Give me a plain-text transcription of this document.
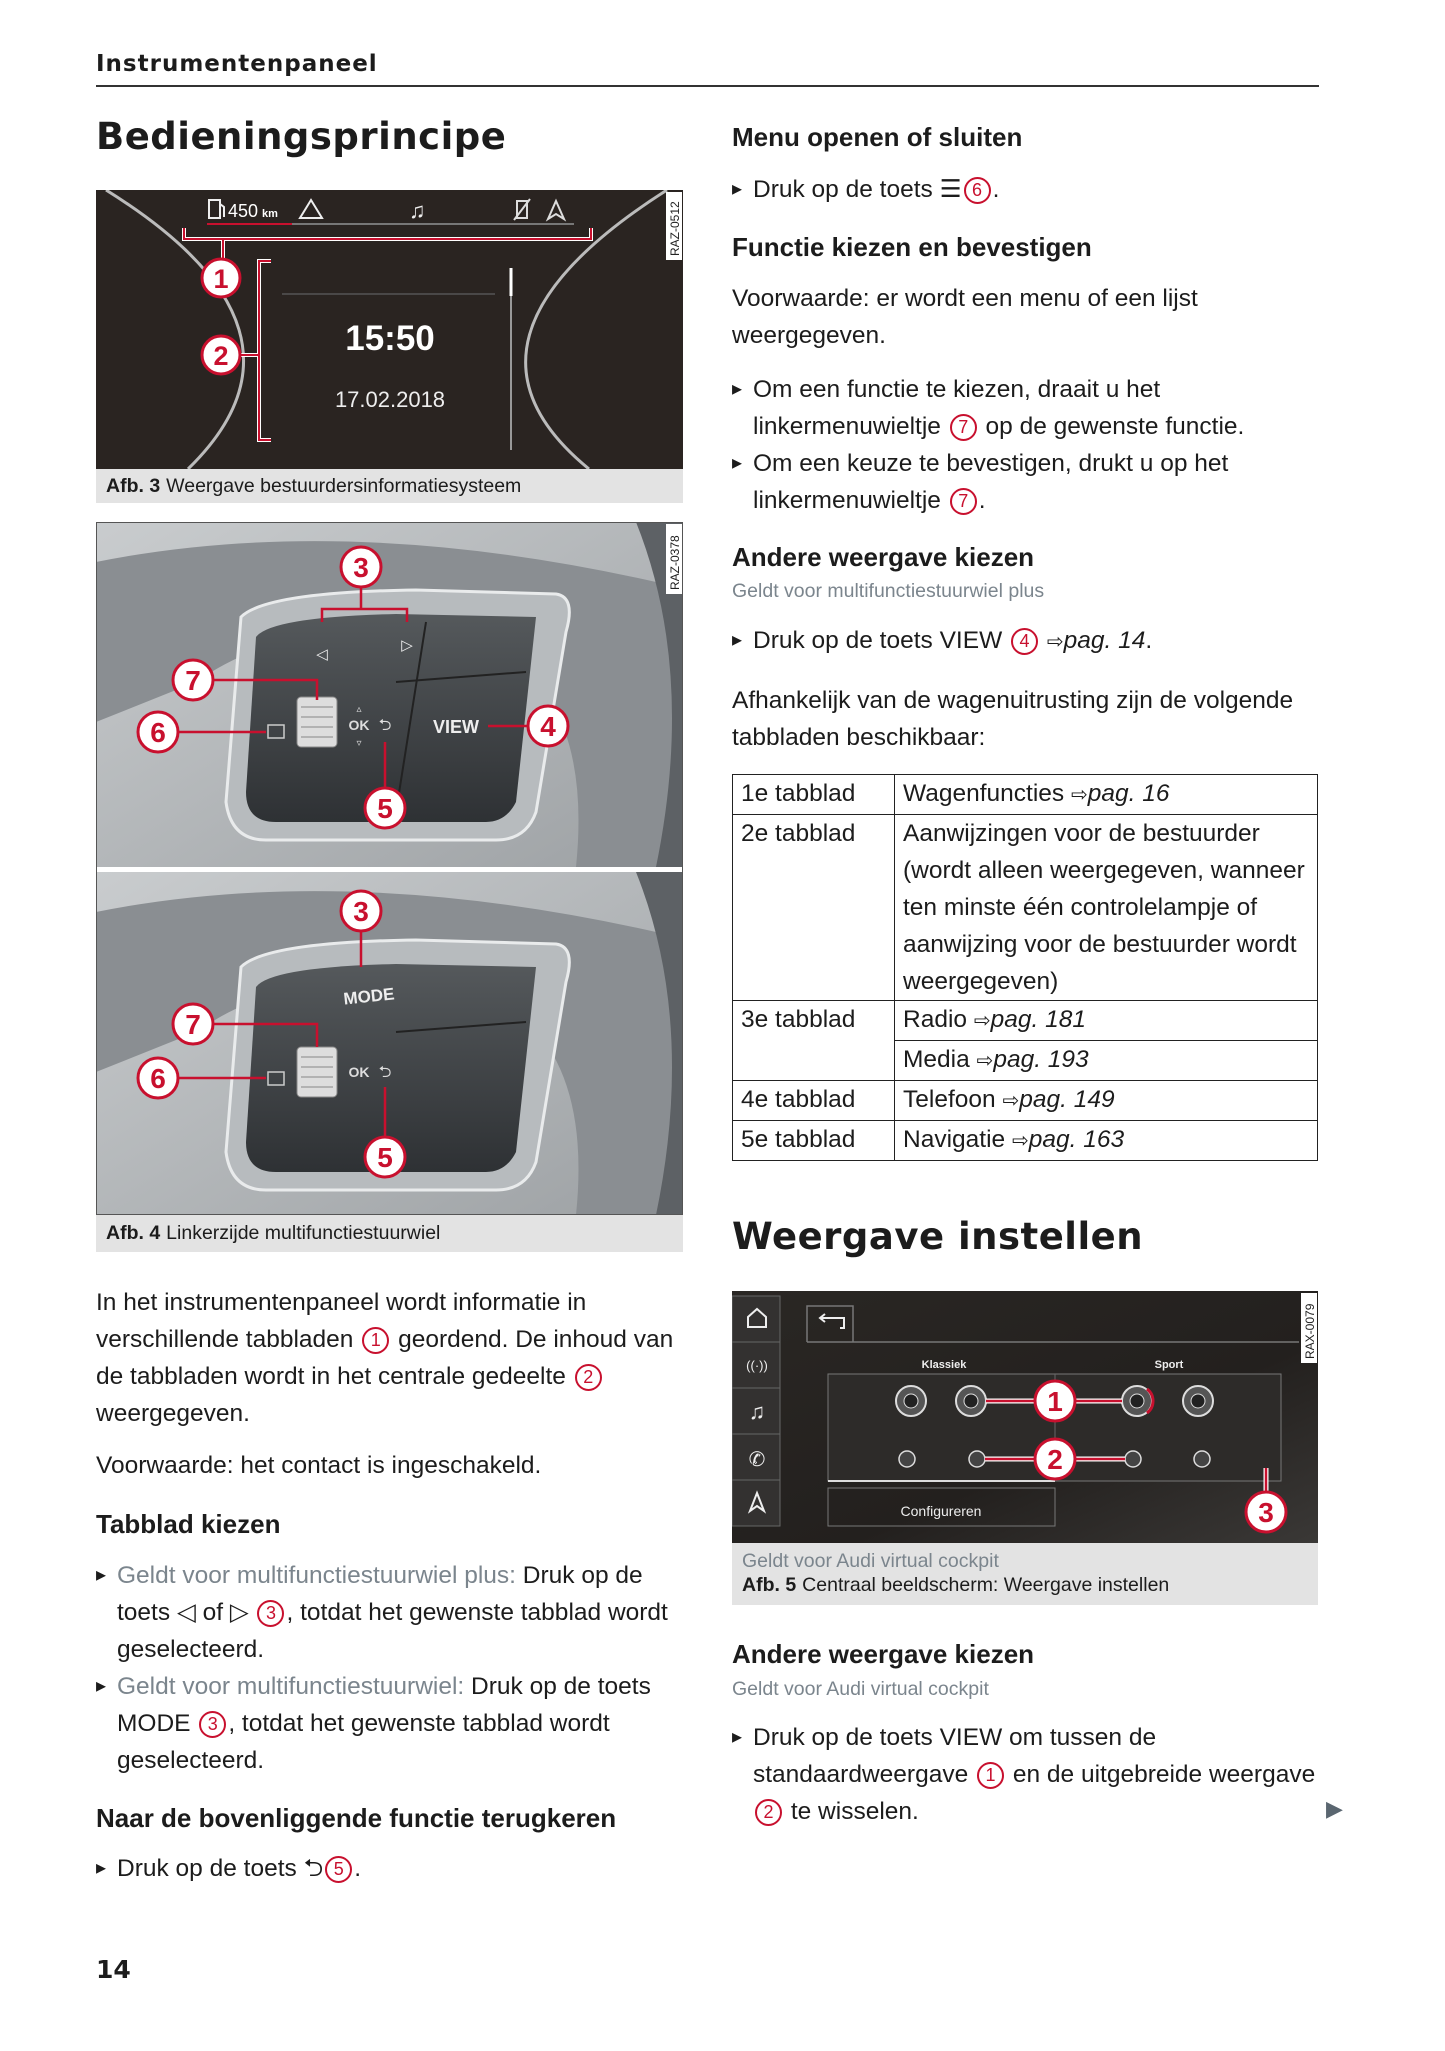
Instrumentenpaneel
Bedieningsprincipe
450 km	♫
15:50
17.02.2018
1
2
RAZ-0512
Afb. 3 Weergave bestuurdersinformatiesysteem
OK
▵
▿
⮌
◁
▷
VIEW
3
7
6
5
4
RAZ-0378
MODE
OK ⮌
3
7
6
5
Afb. 4 Linkerzijde multifunctiestuurwiel
In het instrumentenpaneel wordt informatie in verschillende tabbladen 1 geordend. De inhoud van de tabbladen wordt in het centrale gedeelte 2 weergegeven.
Voorwaarde: het contact is ingeschakeld.
Tabblad kiezen
▸ Geldt voor multifunctiestuurwiel plus: Druk op de toets ◁ of ▷ 3 , totdat het gewenste tabblad wordt geselecteerd.
▸ Geldt voor multifunctiestuurwiel: Druk op de toets MODE 3 , totdat het gewenste tabblad wordt geselecteerd.
Naar de bovenliggende functie terugkeren
▸ Druk op de toets ⮌ 5 .
14
Menu openen of sluiten
▸ Druk op de toets ☰ 6 .
Functie kiezen en bevestigen
Voorwaarde: er wordt een menu of een lijst weergegeven.
▸ Om een functie te kiezen, draait u het linkermenuwieltje 7 op de gewenste functie.
▸ Om een keuze te bevestigen, drukt u op het linkermenuwieltje 7 .
Andere weergave kiezen
Geldt voor multifunctiestuurwiel plus
▸ Druk op de toets VIEW 4 ⇨pag. 14.
Afhankelijk van de wagenuitrusting zijn de volgende tabbladen beschikbaar:
1e tabblad	Wagenfuncties ⇨pag. 16
2e tabblad	Aanwijzingen voor de bestuurder (wordt alleen weergegeven, wanneer ten minste één controlelampje of aanwijzing voor de bestuurder wordt weergegeven)
3e tabblad	Radio ⇨pag. 181
	Media ⇨pag. 193
4e tabblad	Telefoon ⇨pag. 149
5e tabblad	Navigatie ⇨pag. 163
Weergave instellen
((·))
♫
✆
Klassiek	Sport
Configureren
1
2
3
RAX-0079
Geldt voor Audi virtual cockpit
Afb. 5 Centraal beeldscherm: Weergave instellen
Andere weergave kiezen
Geldt voor Audi virtual cockpit
▸ Druk op de toets VIEW om tussen de standaardweergave 1 en de uitgebreide weergave 2 te wisselen.	▶
